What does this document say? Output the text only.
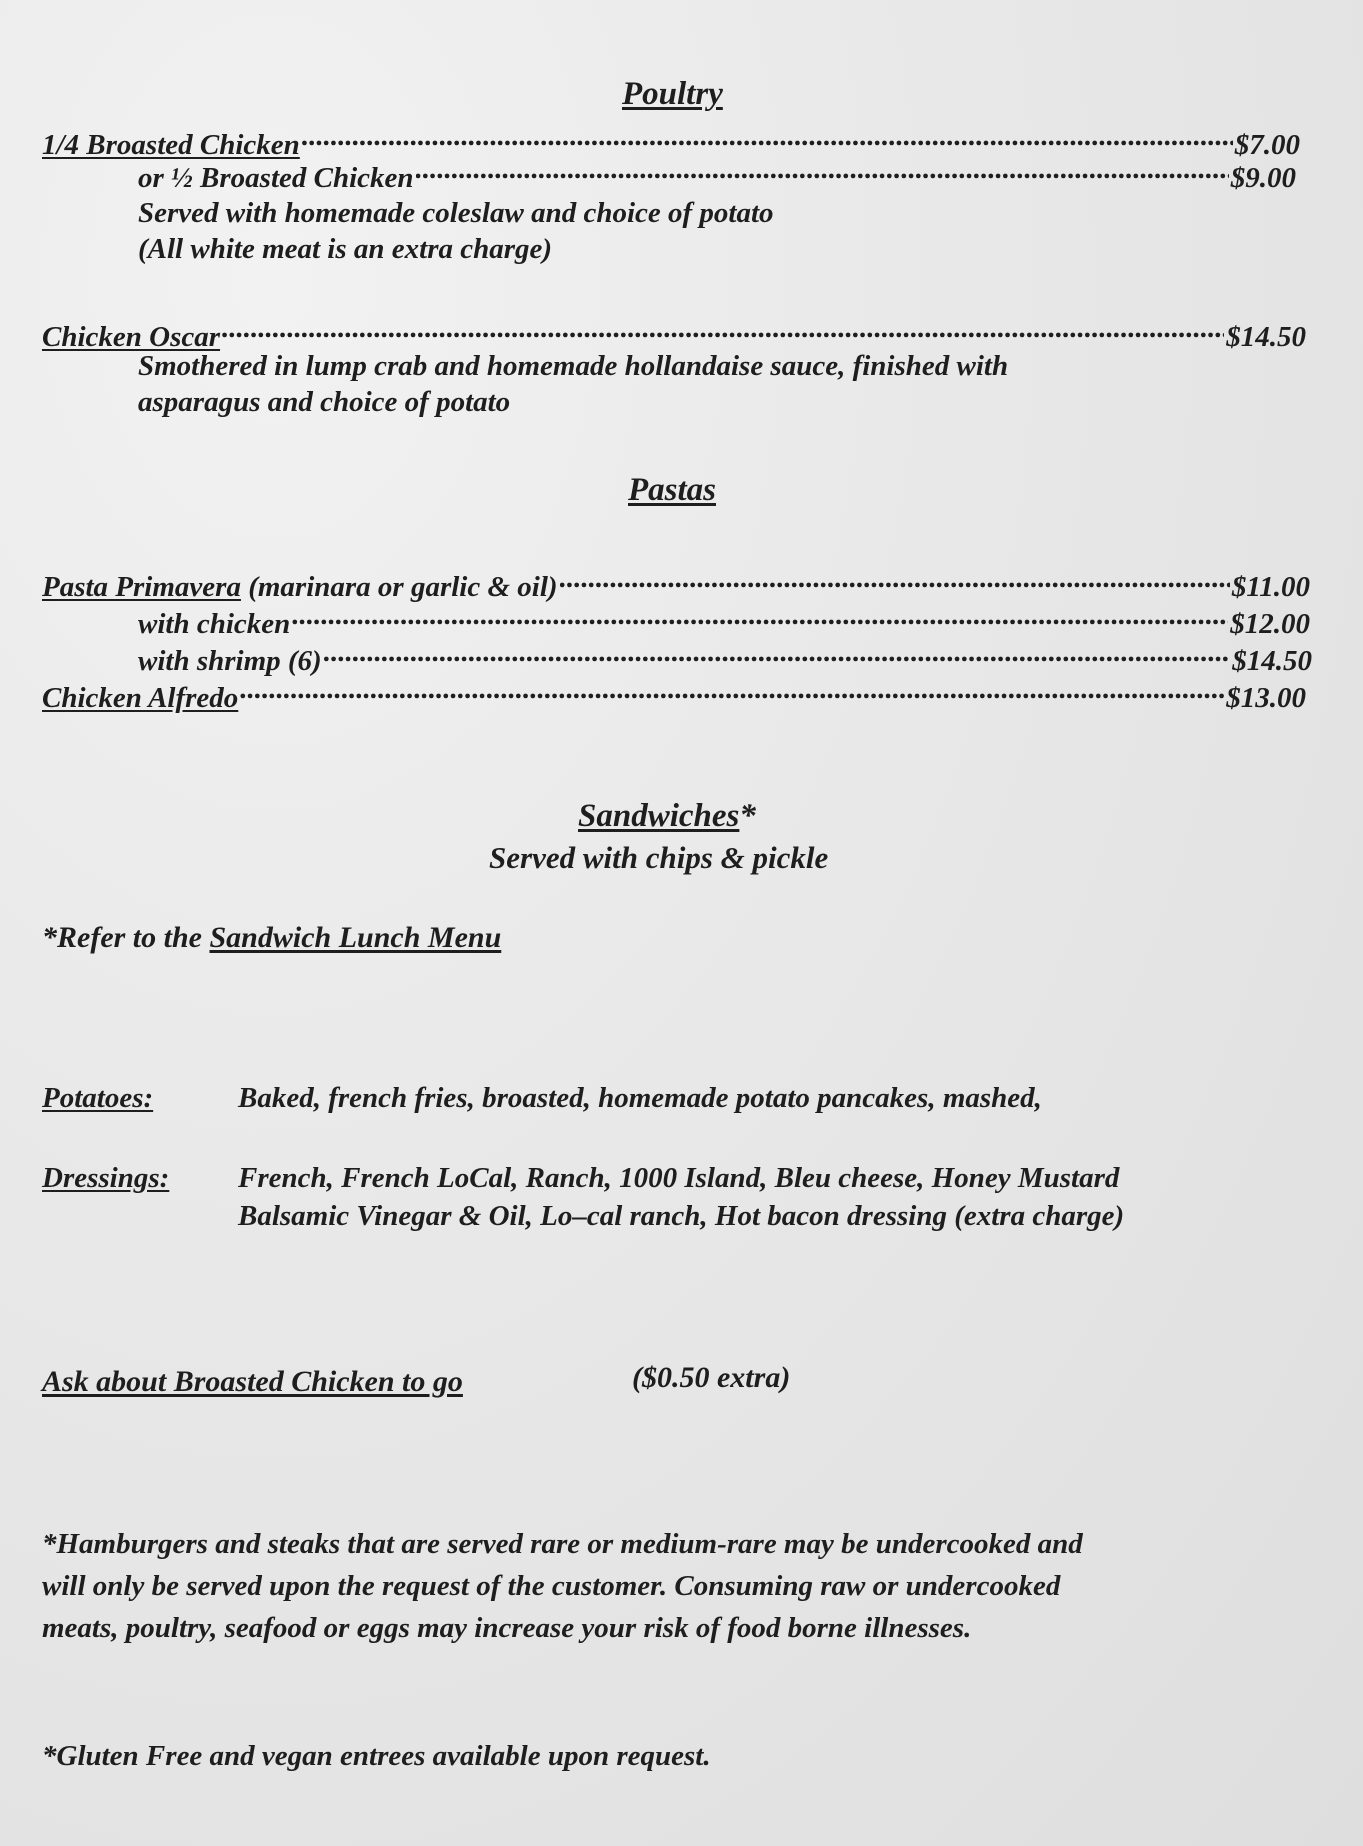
Poultry
1/4 Broasted Chicken .....	$7.00
or ½ Broasted Chicken .....	$9.00
Served with homemade coleslaw and choice of potato
(All white meat is an extra charge)
Chicken Oscar .....	$14.50
Smothered in lump crab and homemade hollandaise sauce, finished with
asparagus and choice of potato
Pastas
Pasta Primavera (marinara or garlic & oil) .....	$11.00
with chicken .....	$12.00
with shrimp (6) .....	$14.50
Chicken Alfredo .....	$13.00
Sandwiches*
Served with chips & pickle
*Refer to the Sandwich Lunch Menu
Potatoes:	Baked, french fries, broasted, homemade potato pancakes, mashed,
Dressings: French, French LoCal, Ranch, 1000 Island, Bleu cheese, Honey Mustard
Balsamic Vinegar & Oil, Lo–cal ranch, Hot bacon dressing (extra charge)
Ask about Broasted Chicken to go	($0.50 extra)
*Hamburgers and steaks that are served rare or medium-rare may be undercooked and
will only be served upon the request of the customer. Consuming raw or undercooked
meats, poultry, seafood or eggs may increase your risk of food borne illnesses.
*Gluten Free and vegan entrees available upon request.
